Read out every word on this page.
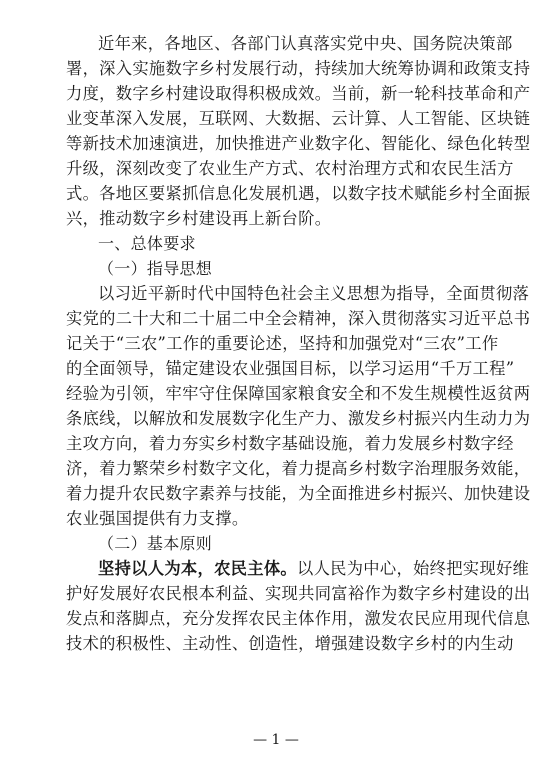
近年来，各地区、各部门认真落实党中央、国务院决策部
署，深入实施数字乡村发展行动，持续加大统筹协调和政策支持
力度，数字乡村建设取得积极成效。当前，新一轮科技革命和产
业变革深入发展，互联网、大数据、云计算、人工智能、区块链
等新技术加速演进，加快推进产业数字化、智能化、绿色化转型
升级，深刻改变了农业生产方式、农村治理方式和农民生活方
式。各地区要紧抓信息化发展机遇，以数字技术赋能乡村全面振
兴，推动数字乡村建设再上新台阶。
一、总体要求
（一）指导思想
以习近平新时代中国特色社会主义思想为指导，全面贯彻落
实党的二十大和二十届二中全会精神，深入贯彻落实习近平总书
记关于“三农”工作的重要论述，坚持和加强党对“三农”工作
的全面领导，锚定建设农业强国目标，以学习运用“千万工程”
经验为引领，牢牢守住保障国家粮食安全和不发生规模性返贫两
条底线，以解放和发展数字化生产力、激发乡村振兴内生动力为
主攻方向，着力夯实乡村数字基础设施，着力发展乡村数字经
济，着力繁荣乡村数字文化，着力提高乡村数字治理服务效能，
着力提升农民数字素养与技能，为全面推进乡村振兴、加快建设
农业强国提供有力支撑。
（二）基本原则
坚持以人为本，农民主体。以人民为中心，始终把实现好维
护好发展好农民根本利益、实现共同富裕作为数字乡村建设的出
发点和落脚点，充分发挥农民主体作用，激发农民应用现代信息
技术的积极性、主动性、创造性，增强建设数字乡村的内生动
— 1 —
